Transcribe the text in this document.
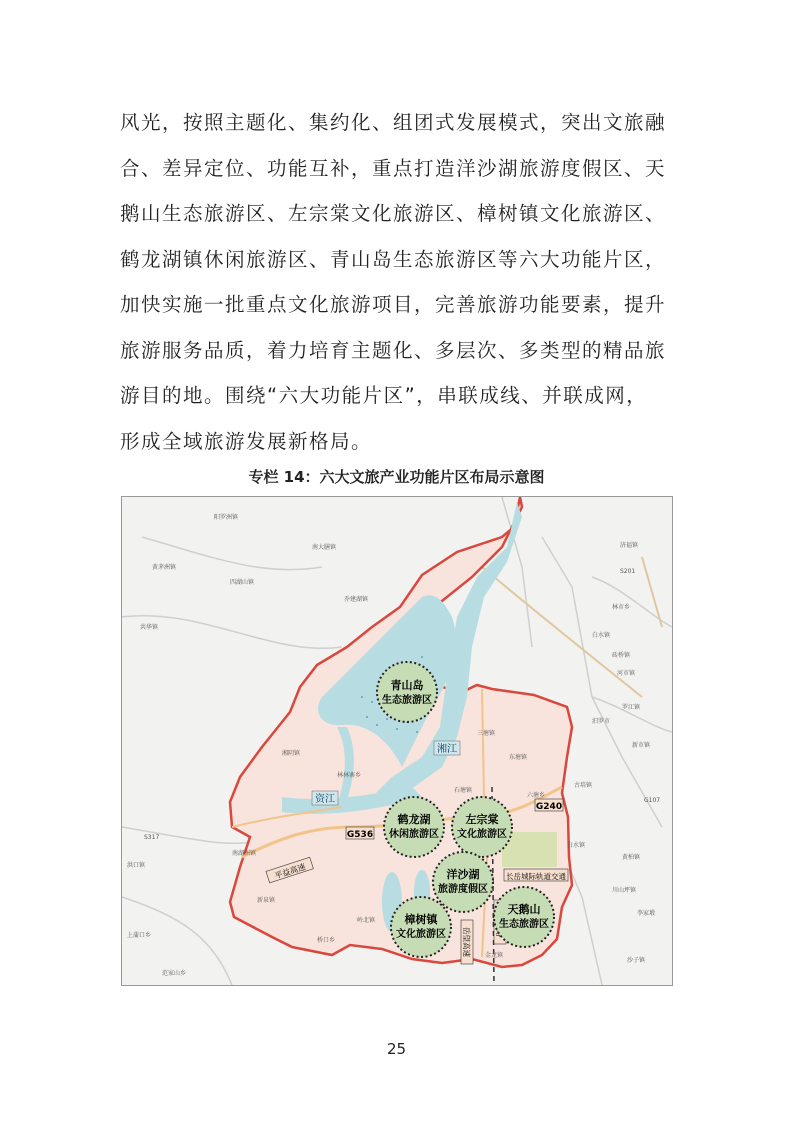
风光，按照主题化、集约化、组团式发展模式，突出文旅融

合、差异定位、功能互补，重点打造洋沙湖旅游度假区、天

鹅山生态旅游区、左宗棠文化旅游区、樟树镇文化旅游区、

鹤龙湖镇休闲旅游区、青山岛生态旅游区等六大功能片区，

加快实施一批重点文化旅游项目，完善旅游功能要素，提升

旅游服务品质，着力培育主题化、多层次、多类型的精品旅

游目的地。围绕“六大功能片区”，串联成线、并联成网，

形成全域旅游发展新格局。

专栏 14：六大文旅产业功能片区布局示意图
湘江
资江
G536
G240
平益高速	长岳城际轨道交通
岳望高速
阳罗洲镇
南大膳镇
黄茅洲镇
四湖山镇
乔建湖镇
共华镇
湘阴镇
林林寨乡
三塘镇
东塘镇
石塘镇
六塘乡
古培镇
白水镇
南湖洲镇
新泉镇
上蒲口乡
桥口乡
岭北镇
金龙镇
汨罗市
罗江镇
黄柏镇
白水镇
林市乡
砖桥镇
河市镇
新市镇
川山坪镇
李家塅
沙子镇
S201
S317
G107
济福镇
洪口镇
范家山乡
青山岛
生态旅游区
鹤龙湖
休闲旅游区
左宗棠
文化旅游区
洋沙湖
旅游度假区
樟树镇
文化旅游区
天鹅山
生态旅游区
25
